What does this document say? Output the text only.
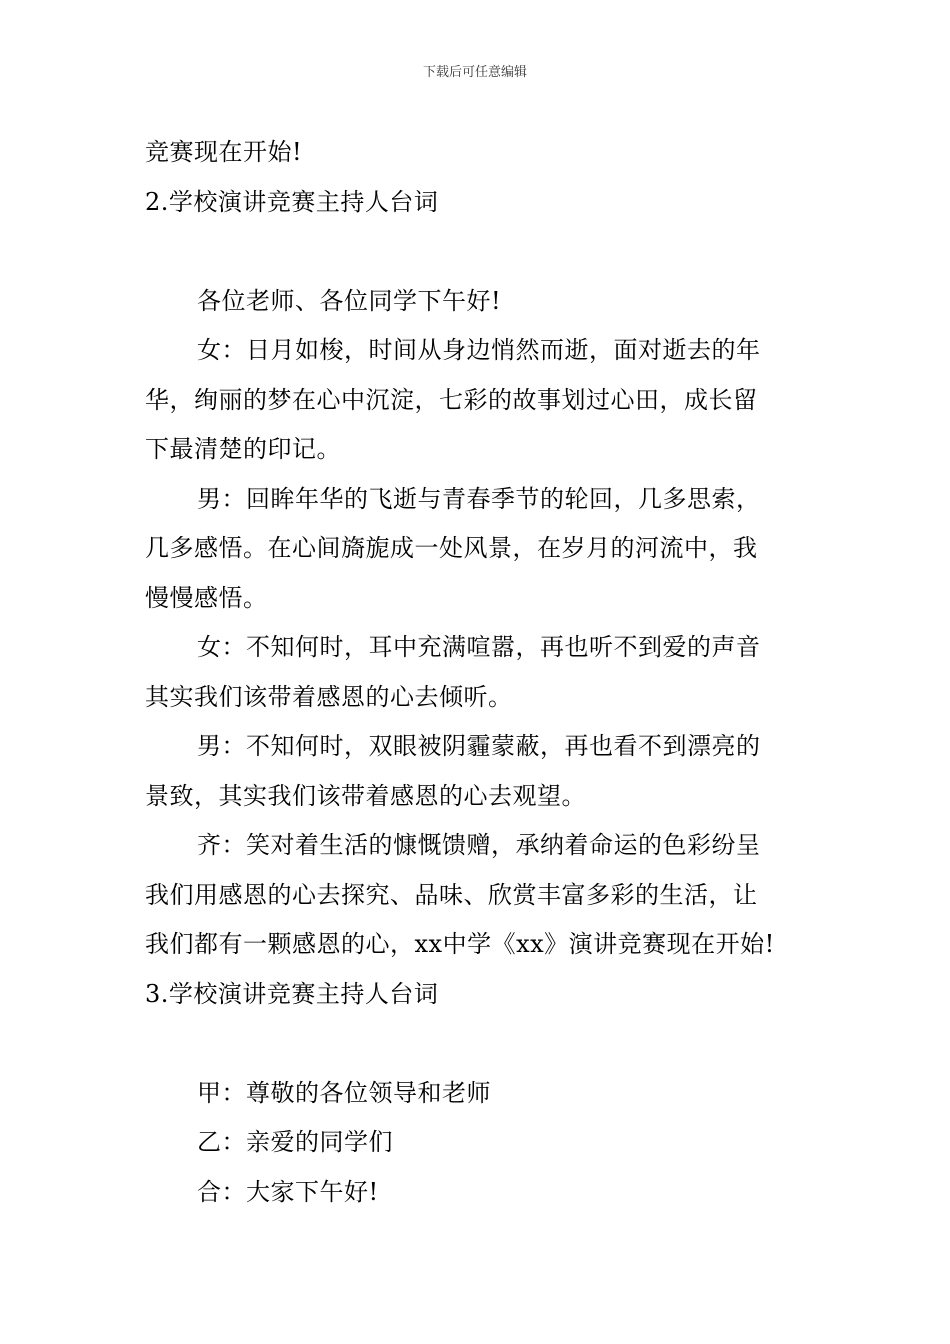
下载后可任意编辑
竞赛现在开始!
2.学校演讲竞赛主持人台词
各位老师、各位同学下午好!
女：日月如梭，时间从身边悄然而逝，面对逝去的年
华，绚丽的梦在心中沉淀，七彩的故事划过心田，成长留
下最清楚的印记。
男：回眸年华的飞逝与青春季节的轮回，几多思索，
几多感悟。在心间旖旎成一处风景，在岁月的河流中，我
慢慢感悟。
女：不知何时，耳中充满喧嚣，再也听不到爱的声音
其实我们该带着感恩的心去倾听。
男：不知何时，双眼被阴霾蒙蔽，再也看不到漂亮的
景致，其实我们该带着感恩的心去观望。
齐：笑对着生活的慷慨馈赠，承纳着命运的色彩纷呈
我们用感恩的心去探究、品味、欣赏丰富多彩的生活，让
我们都有一颗感恩的心，xx中学《xx》演讲竞赛现在开始!
3.学校演讲竞赛主持人台词
甲：尊敬的各位领导和老师
乙：亲爱的同学们
合：大家下午好!
